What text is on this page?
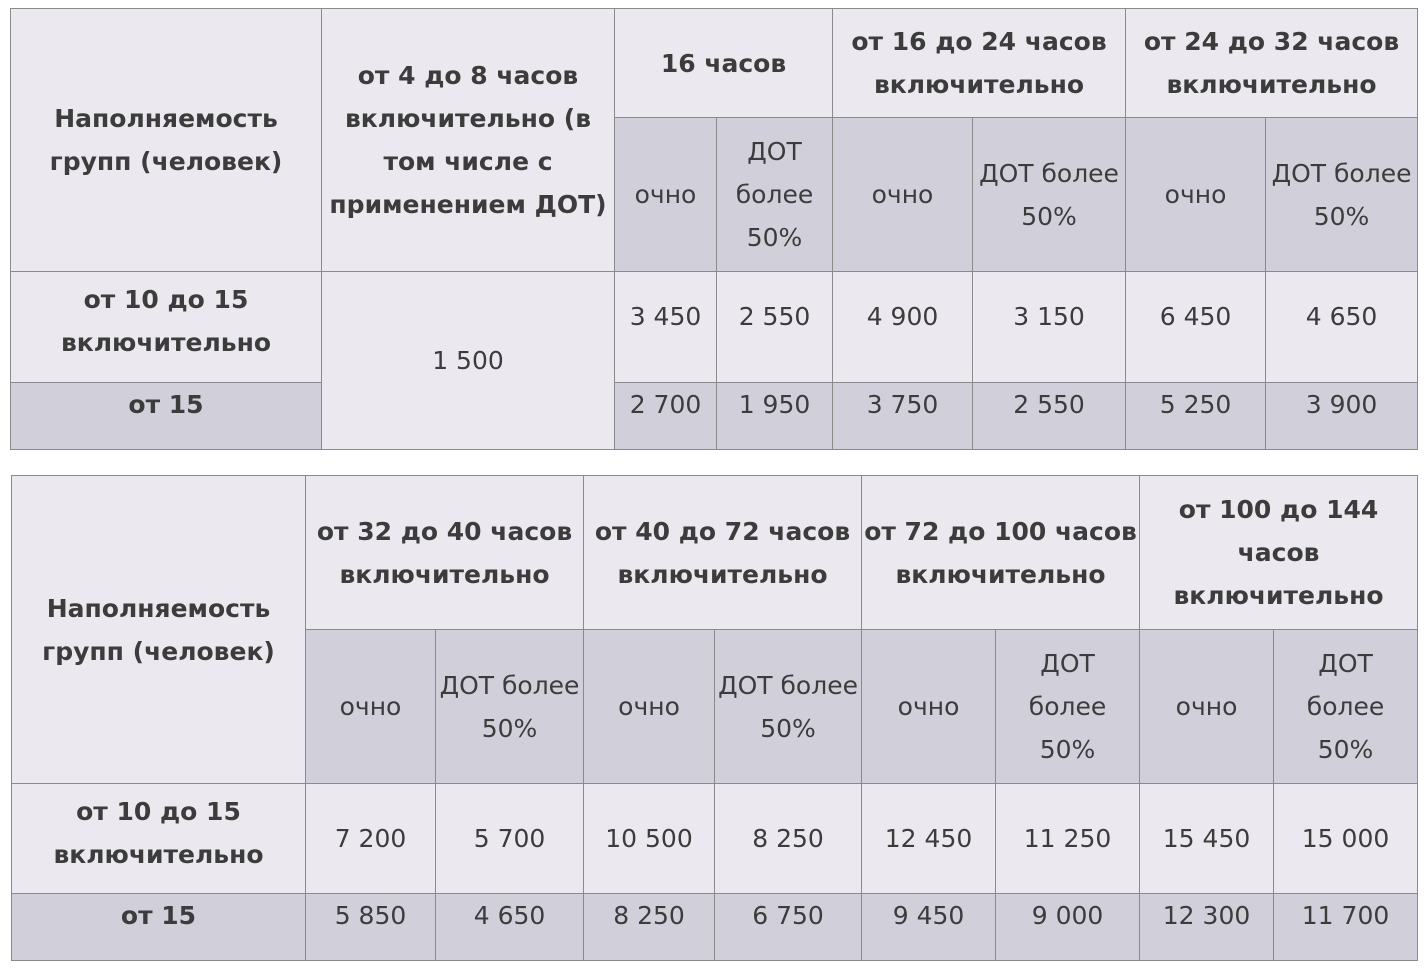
Наполняемость групп (человек)	от 4 до 8 часов включительно (в том числе с применением ДОТ)	16 часов		от 16 до 24 часов включительно		от 24 до 32 часов включительно	
		очно	ДОТ более 50%	очно	ДОТ более 50%	очно	ДОТ более 50%
от 10 до 15 включительно	1 500	3 450	2 550	4 900	3 150	6 450	4 650
от 15		2 700	1 950	3 750	2 550	5 250	3 900
Наполняемость групп (человек)	от 32 до 40 часов включительно		от 40 до 72 часов включительно		от 72 до 100 часов включительно		от 100 до 144 часов включительно	
	очно	ДОТ более 50%	очно	ДОТ более 50%	очно	ДОТ более 50%	очно	ДОТ более 50%
от 10 до 15 включительно	7 200	5 700	10 500	8 250	12 450	11 250	15 450	15 000
от 15	5 850	4 650	8 250	6 750	9 450	9 000	12 300	11 700
